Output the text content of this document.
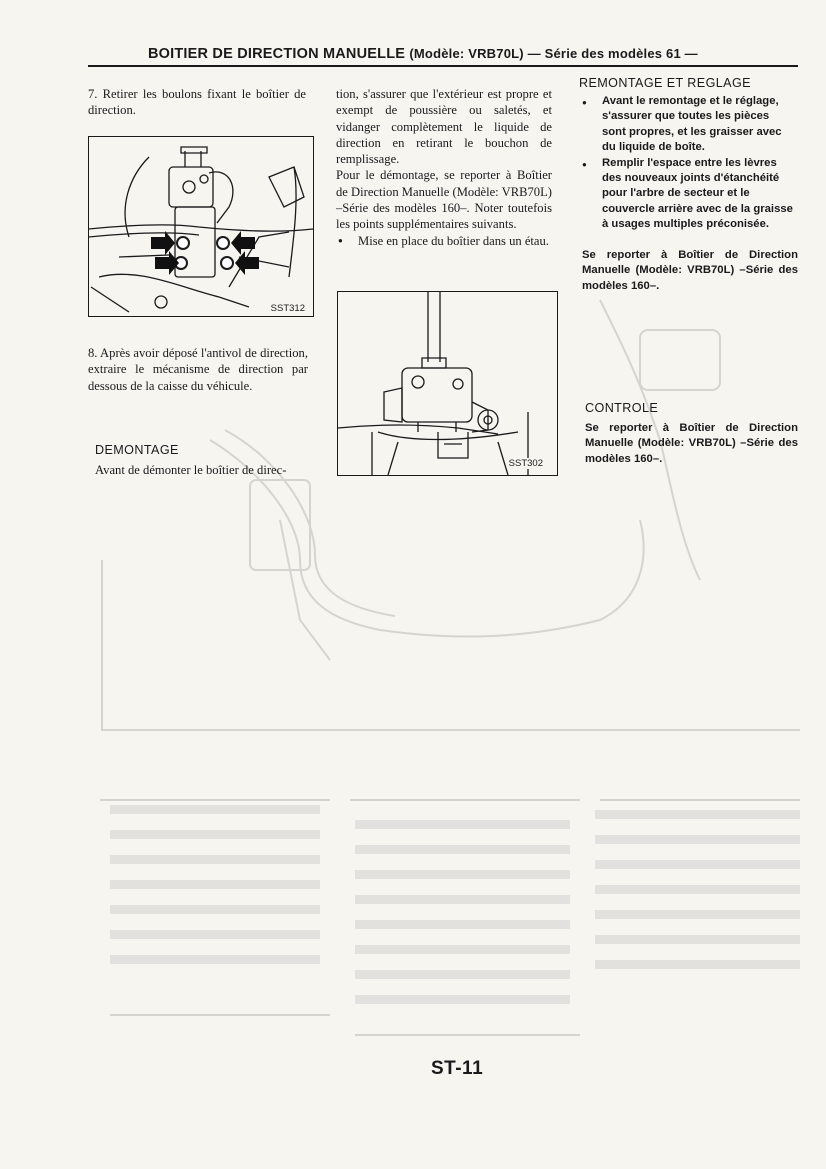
BOITIER DE DIRECTION MANUELLE (Modèle: VRB70L) — Série des modèles 61 —

7. Retirer les boulons fixant le boîtier de direction.

SST312

8. Après avoir déposé l'antivol de direction, extraire le mécanisme de direction par dessous de la caisse du véhicule.

DEMONTAGE

Avant de démonter le boîtier de direc-

tion, s'assurer que l'extérieur est propre et exempt de poussière ou saletés, et vidanger complètement le liquide de direction en retirant le bouchon de remplissage.

Pour le démontage, se reporter à Boîtier de Direction Manuelle (Modèle: VRB70L) –Série des modèles 160–. Noter toutefois les points supplémentaires suivants.

● Mise en place du boîtier dans un étau.
SST302
REMONTAGE ET REGLAGE
● Avant le remontage et le réglage, s'assurer que toutes les pièces sont propres, et les graisser avec du liquide de boîte.
● Remplir l'espace entre les lèvres des nouveaux joints d'étanchéité pour l'arbre de secteur et le couvercle arrière avec de la graisse à usages multiples préconisée.

Se reporter à Boîtier de Direction Manuelle (Modèle: VRB70L) –Série des modèles 160–.

CONTROLE

Se reporter à Boîtier de Direction Manuelle (Modèle: VRB70L) –Série des modèles 160–.

ST-11
